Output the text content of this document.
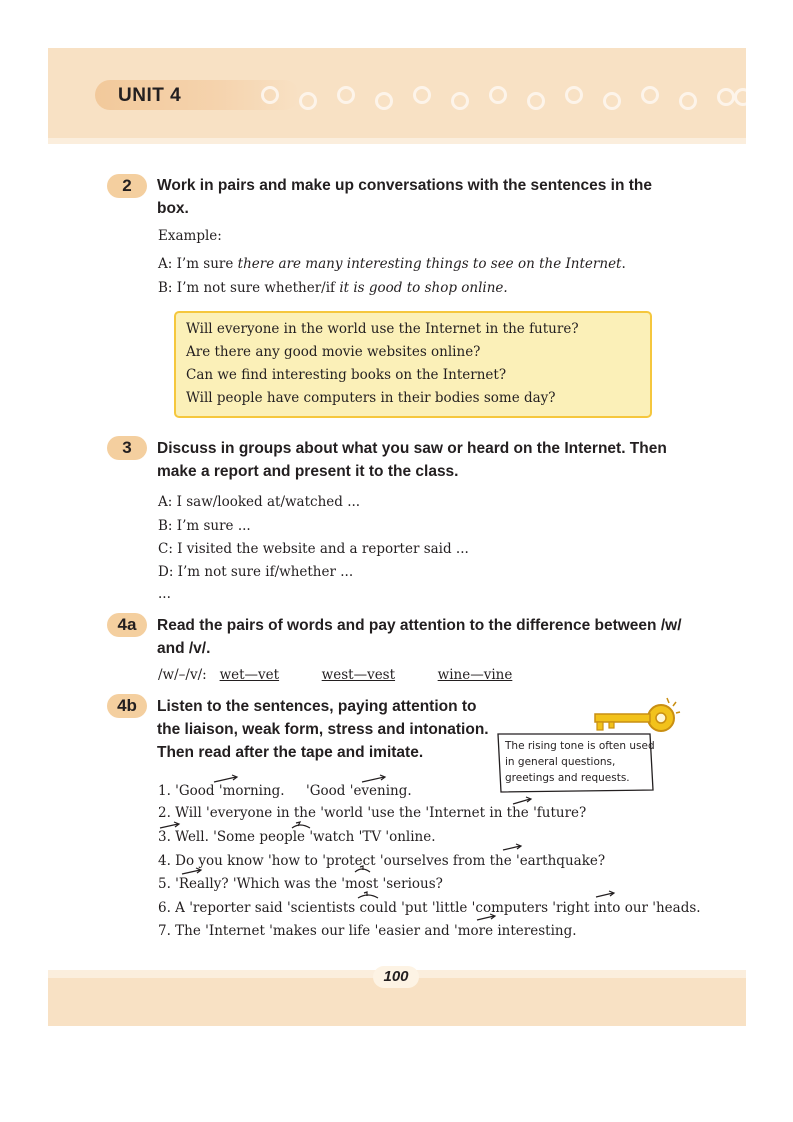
UNIT 4
2	Work in pairs and make up conversations with the sentences in the box.
Example:
A: I’m sure there are many interesting things to see on the Internet.
B: I’m not sure whether/if it is good to shop online.
Will everyone in the world use the Internet in the future?
Are there any good movie websites online?
Can we find interesting books on the Internet?
Will people have computers in their bodies some day?
3	Discuss in groups about what you saw or heard on the Internet. Then make a report and present it to the class.
A: I saw/looked at/watched ...
B: I’m sure ...
C: I visited the website and a reporter said ...
D: I’m not sure if/whether ...
...
4a	Read the pairs of words and pay attention to the difference between /w/ and /v/.
/w/–/v/: wet—vet	west—vest	wine—vine
4b	Listen to the sentences, paying attention to the liaison, weak form, stress and intonation. Then read after the tape and imitate.	The rising tone is often used in general questions, greetings and requests.
1. 'Good 'morning.     'Good 'evening.
2. Will 'everyone in the 'world 'use the 'Internet in the 'future?
3. Well. 'Some people 'watch 'TV 'online.
4. Do you know 'how to 'protect 'ourselves from the 'earthquake?
5. 'Really? 'Which was the 'most 'serious?
6. A 'reporter said 'scientists could 'put 'little 'computers 'right into our 'heads.
7. The 'Internet 'makes our life 'easier and 'more interesting.
100
